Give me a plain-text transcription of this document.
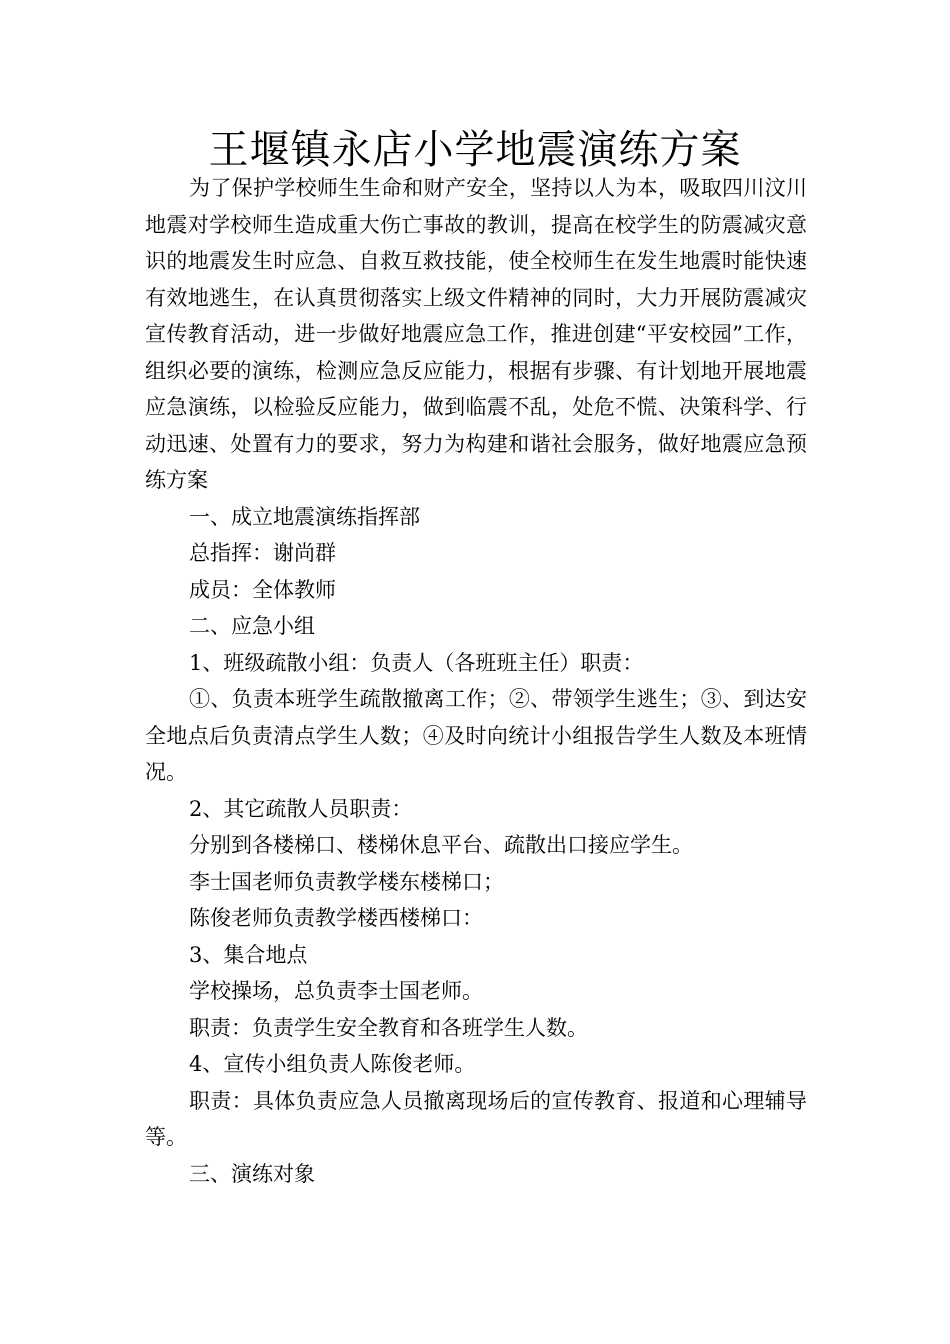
王堰镇永店小学地震演练方案

为了保护学校师生生命和财产安全，坚持以人为本，吸取四川汶川地震对学校师生造成重大伤亡事故的教训，提高在校学生的防震减灾意识的地震发生时应急、自救互救技能，使全校师生在发生地震时能快速有效地逃生，在认真贯彻落实上级文件精神的同时，大力开展防震减灾宣传教育活动，进一步做好地震应急工作，推进创建“平安校园”工作，组织必要的演练，检测应急反应能力，根据有步骤、有计划地开展地震应急演练，以检验反应能力，做到临震不乱，处危不慌、决策科学、行动迅速、处置有力的要求，努力为构建和谐社会服务，做好地震应急预练方案

一、成立地震演练指挥部

总指挥：谢尚群

成员：全体教师

二、应急小组

1、班级疏散小组：负责人（各班班主任）职责：

①、负责本班学生疏散撤离工作；②、带领学生逃生；③、到达安全地点后负责清点学生人数；④及时向统计小组报告学生人数及本班情况。

2、其它疏散人员职责：

分别到各楼梯口、楼梯休息平台、疏散出口接应学生。

李士国老师负责教学楼东楼梯口；

陈俊老师负责教学楼西楼梯口：

3、集合地点

学校操场，总负责李士国老师。

职责：负责学生安全教育和各班学生人数。

4、宣传小组负责人陈俊老师。

职责：具体负责应急人员撤离现场后的宣传教育、报道和心理辅导等。

三、演练对象
